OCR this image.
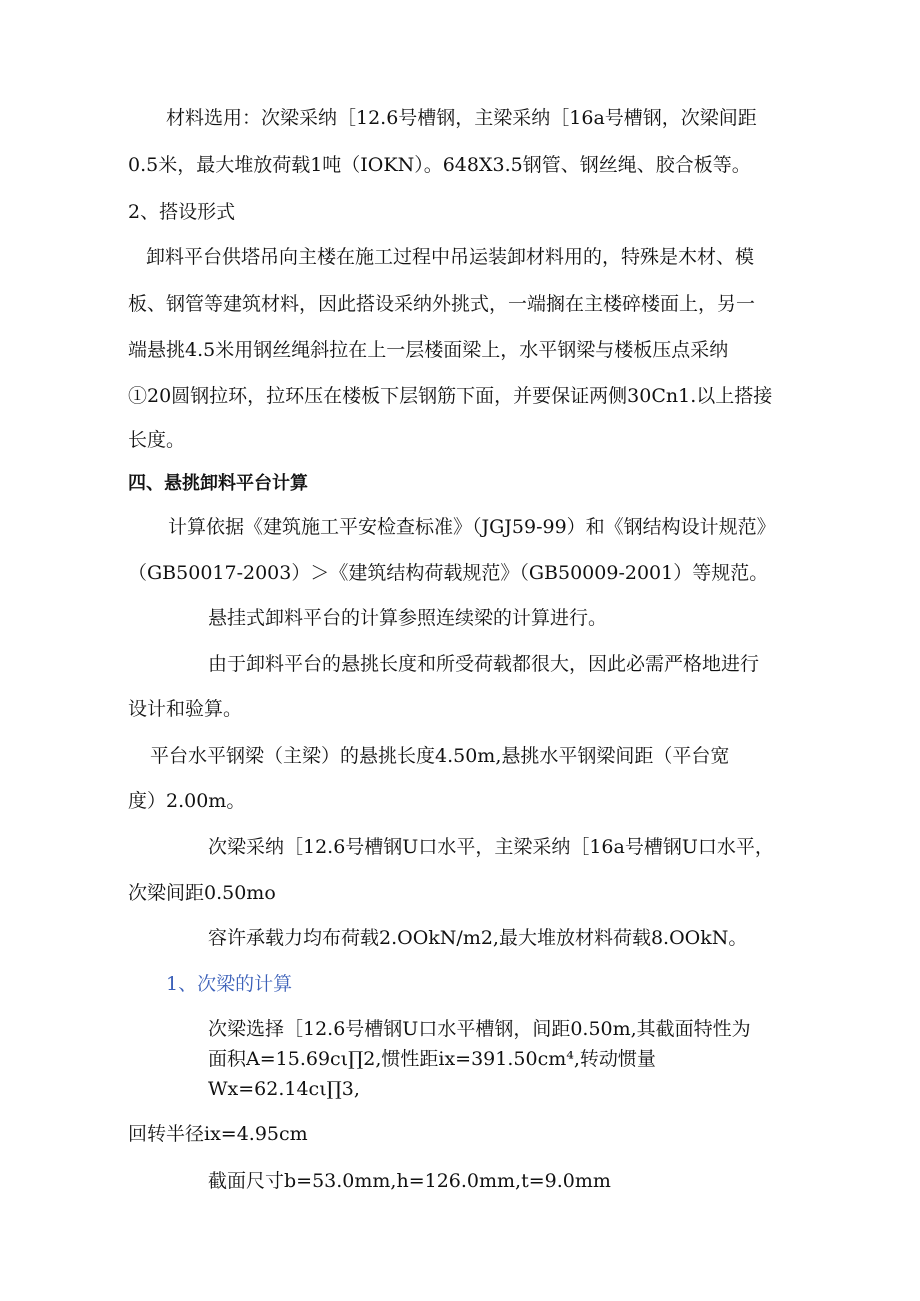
材料选用：次梁采纳［12.6号槽钢，主梁采纳［16a号槽钢，次梁间距
0.5米，最大堆放荷载1吨（IOKN）。648X3.5钢管、钢丝绳、胶合板等。
2、搭设形式
卸料平台供塔吊向主楼在施工过程中吊运装卸材料用的，特殊是木材、模
板、钢管等建筑材料，因此搭设采纳外挑式，一端搁在主楼碎楼面上，另一
端悬挑4.5米用钢丝绳斜拉在上一层楼面梁上，水平钢梁与楼板压点采纳
①20圆钢拉环，拉环压在楼板下层钢筋下面，并要保证两侧30Cn1.以上搭接
长度。
四、悬挑卸料平台计算
计算依据《建筑施工平安检查标准》（JGJ59-99）和《钢结构设计规范》
（GB50017-2003）＞《建筑结构荷载规范》（GB50009-2001）等规范。
悬挂式卸料平台的计算参照连续梁的计算进行。
由于卸料平台的悬挑长度和所受荷载都很大，因此必需严格地进行
设计和验算。
平台水平钢梁（主梁）的悬挑长度4.50m,悬挑水平钢梁间距（平台宽
度）2.00m。
次梁采纳［12.6号槽钢U口水平，主梁采纳［16a号槽钢U口水平，
次梁间距0.50mo
容许承载力均布荷载2.OOkN/m2,最大堆放材料荷载8.OOkN。
1、次梁的计算
次梁选择［12.6号槽钢U口水平槽钢，间距0.50m,其截面特性为
面积A=15.69cι∏2,惯性距ix=391.50cm⁴,转动惯量
Wx=62.14cι∏3,
回转半径ix=4.95cm
截面尺寸b=53.0mm,h=126.0mm,t=9.0mm
